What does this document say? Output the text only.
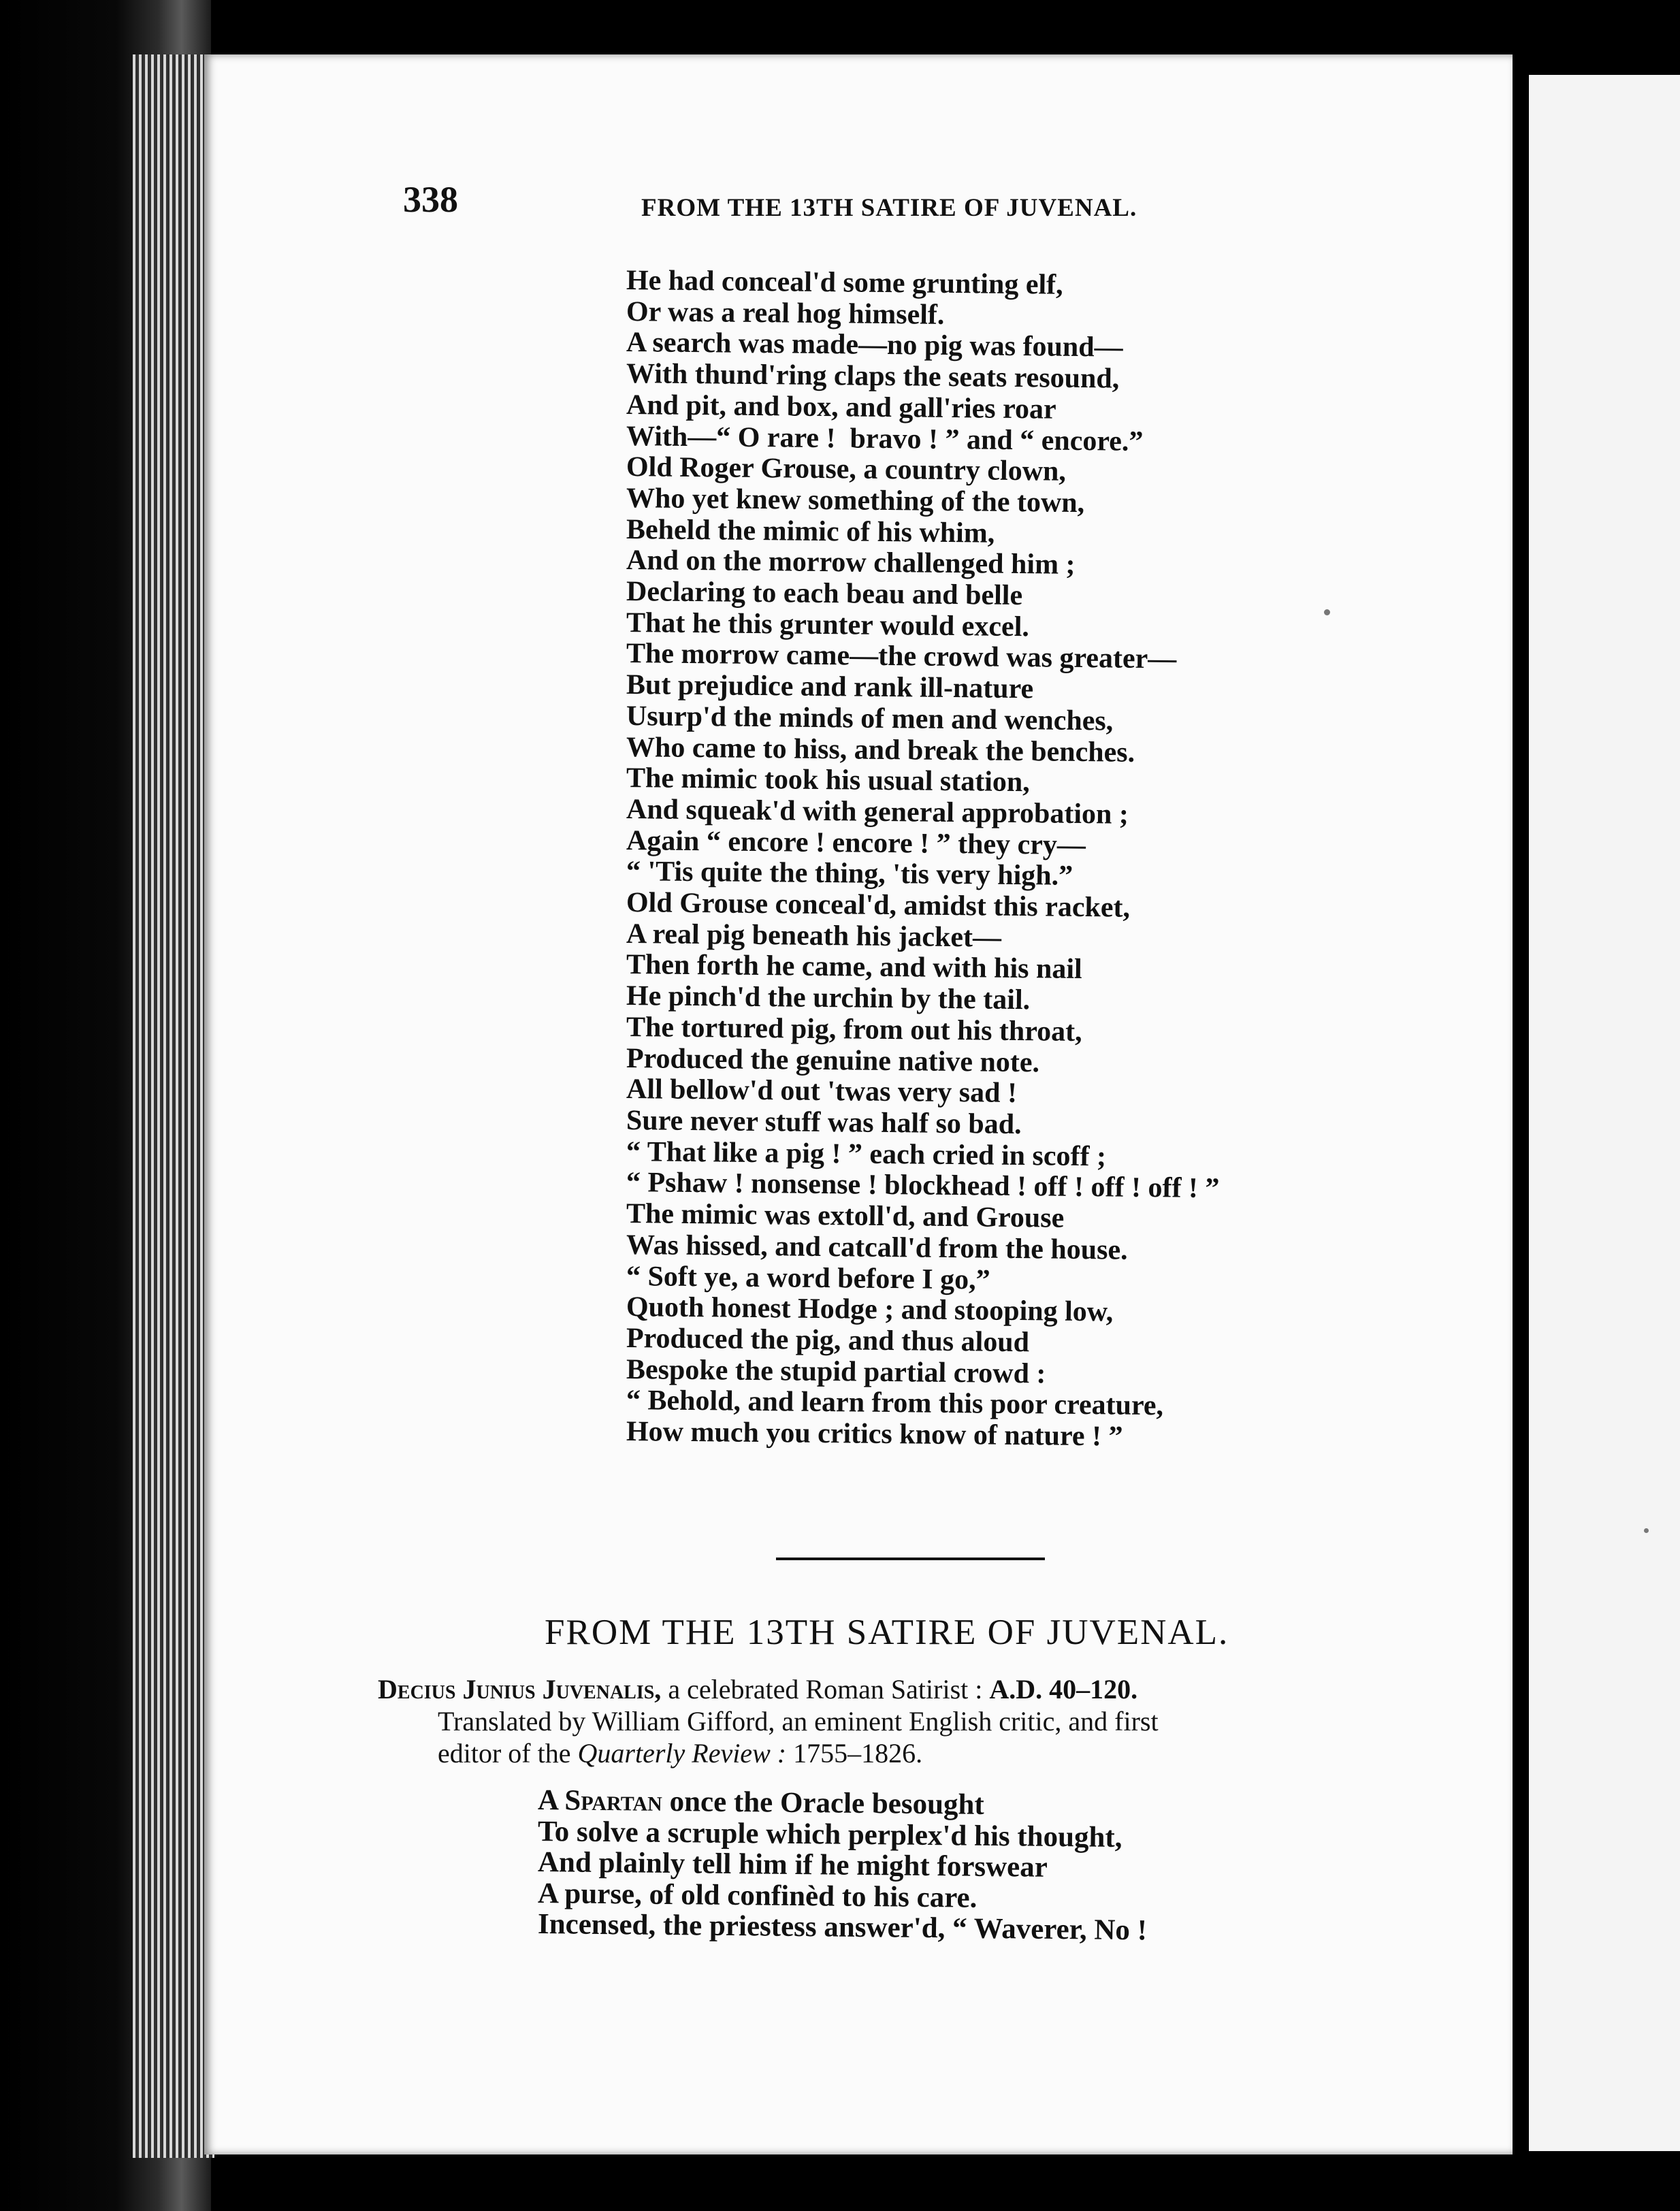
338	FROM THE 13TH SATIRE OF JUVENAL.
He had conceal'd some grunting elf,
Or was a real hog himself.
A search was made—no pig was found—
With thund'ring claps the seats resound,
And pit, and box, and gall'ries roar
With—“ O rare !  bravo ! ” and “ encore.”
Old Roger Grouse, a country clown,
Who yet knew something of the town,
Beheld the mimic of his whim,
And on the morrow challenged him ;
Declaring to each beau and belle
That he this grunter would excel.
The morrow came—the crowd was greater—
But prejudice and rank ill-nature
Usurp'd the minds of men and wenches,
Who came to hiss, and break the benches.
The mimic took his usual station,
And squeak'd with general approbation ;
Again “ encore ! encore ! ” they cry—
“ 'Tis quite the thing, 'tis very high.”
Old Grouse conceal'd, amidst this racket,
A real pig beneath his jacket—
Then forth he came, and with his nail
He pinch'd the urchin by the tail.
The tortured pig, from out his throat,
Produced the genuine native note.
All bellow'd out 'twas very sad !
Sure never stuff was half so bad.
“ That like a pig ! ” each cried in scoff ;
“ Pshaw ! nonsense ! blockhead ! off ! off ! off ! ”
The mimic was extoll'd, and Grouse
Was hissed, and catcall'd from the house.
“ Soft ye, a word before I go,”
Quoth honest Hodge ; and stooping low,
Produced the pig, and thus aloud
Bespoke the stupid partial crowd :
“ Behold, and learn from this poor creature,
How much you critics know of nature ! ”
FROM THE 13TH SATIRE OF JUVENAL.
Decius Junius Juvenalis, a celebrated Roman Satirist : A.D. 40–120.
Translated by William Gifford, an eminent English critic, and first
editor of the Quarterly Review : 1755–1826.
A Spartan once the Oracle besought
To solve a scruple which perplex'd his thought,
And plainly tell him if he might forswear
A purse, of old confinèd to his care.
Incensed, the priestess answer'd, “ Waverer, No !
